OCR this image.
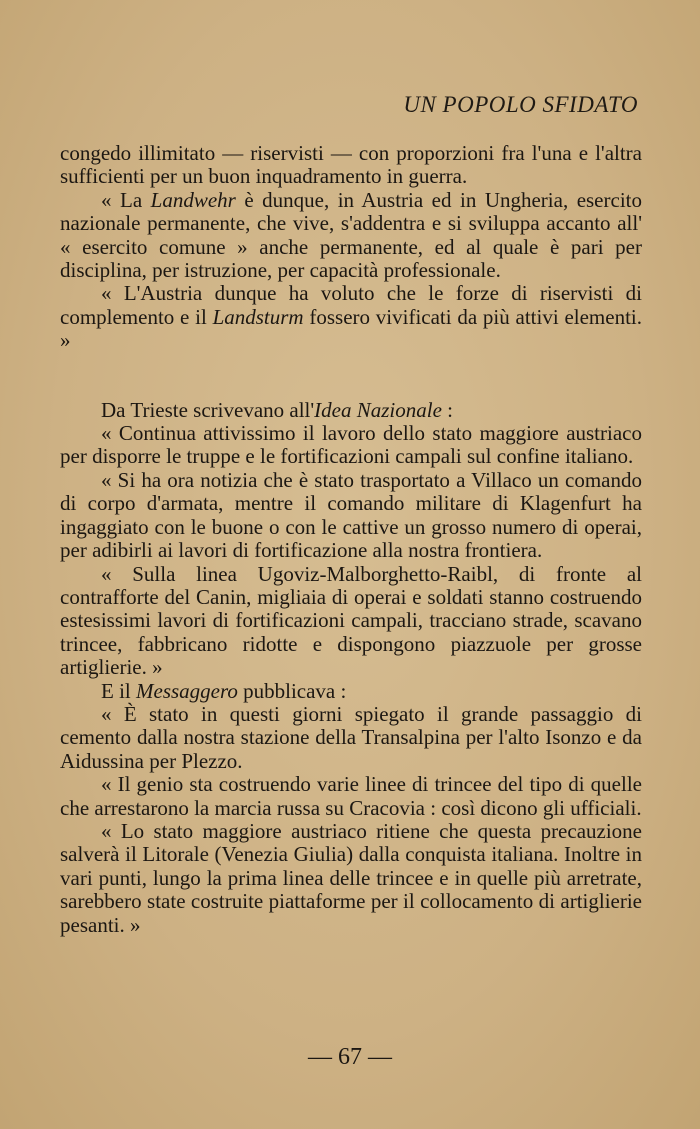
UN POPOLO SFIDATO

congedo illimitato — riservisti — con proporzioni fra l'una e l'altra sufficienti per un buon inquadramento in guerra.

« La Landwehr è dunque, in Austria ed in Ungheria, esercito nazionale permanente, che vive, s'addentra e si sviluppa accanto all' « esercito comune » anche permanente, ed al quale è pari per disciplina, per istruzione, per capacità professionale.

« L'Austria dunque ha voluto che le forze di riservisti di complemento e il Landsturm fossero vivificati da più attivi elementi. »

Da Trieste scrivevano all'Idea Nazionale :

« Continua attivissimo il lavoro dello stato maggiore austriaco per disporre le truppe e le fortificazioni campali sul confine italiano.

« Si ha ora notizia che è stato trasportato a Villaco un comando di corpo d'armata, mentre il comando militare di Klagenfurt ha ingaggiato con le buone o con le cattive un grosso numero di operai, per adibirli ai lavori di fortificazione alla nostra frontiera.

« Sulla linea Ugoviz-Malborghetto-Raibl, di fronte al contrafforte del Canin, migliaia di operai e soldati stanno costruendo estesissimi lavori di fortificazioni campali, tracciano strade, scavano trincee, fabbricano ridotte e dispongono piazzuole per grosse artiglierie. »

E il Messaggero pubblicava :

« È stato in questi giorni spiegato il grande passaggio di cemento dalla nostra stazione della Transalpina per l'alto Isonzo e da Aidussina per Plezzo.

« Il genio sta costruendo varie linee di trincee del tipo di quelle che arrestarono la marcia russa su Cracovia : così dicono gli ufficiali.

« Lo stato maggiore austriaco ritiene che questa precauzione salverà il Litorale (Venezia Giulia) dalla conquista italiana. Inoltre in vari punti, lungo la prima linea delle trincee e in quelle più arretrate, sarebbero state costruite piattaforme per il collocamento di artiglierie pesanti. »

— 67 —
